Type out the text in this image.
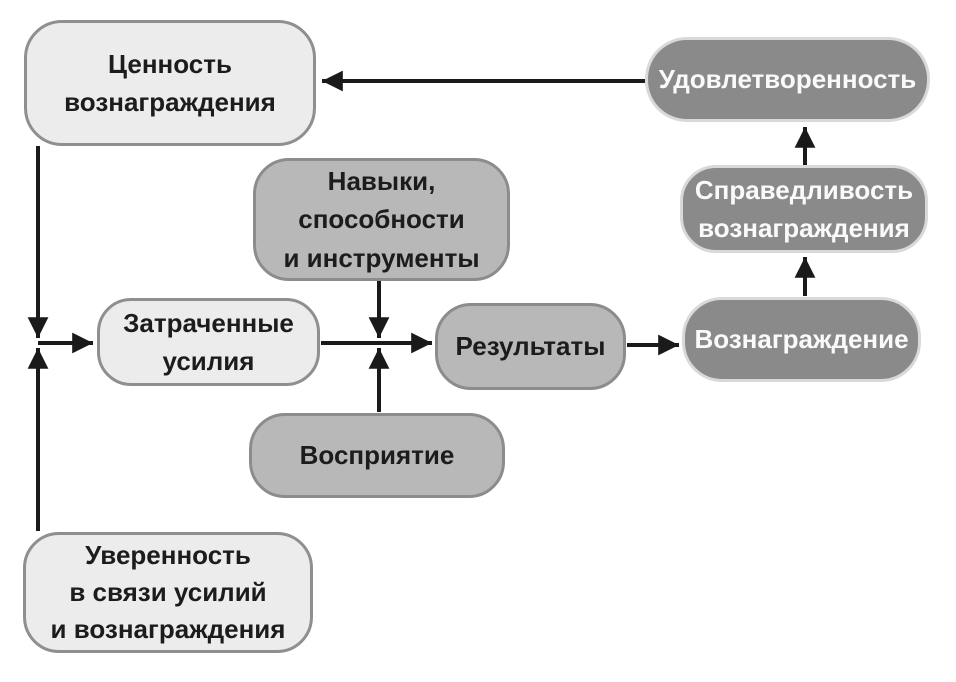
Ценность
вознаграждения
Удовлетворенность
Навыки,
способности
и инструменты
Справедливость
вознаграждения
Затраченные
усилия	Результаты	Вознаграждение
Восприятие
Уверенность
в связи усилий
и вознаграждения
